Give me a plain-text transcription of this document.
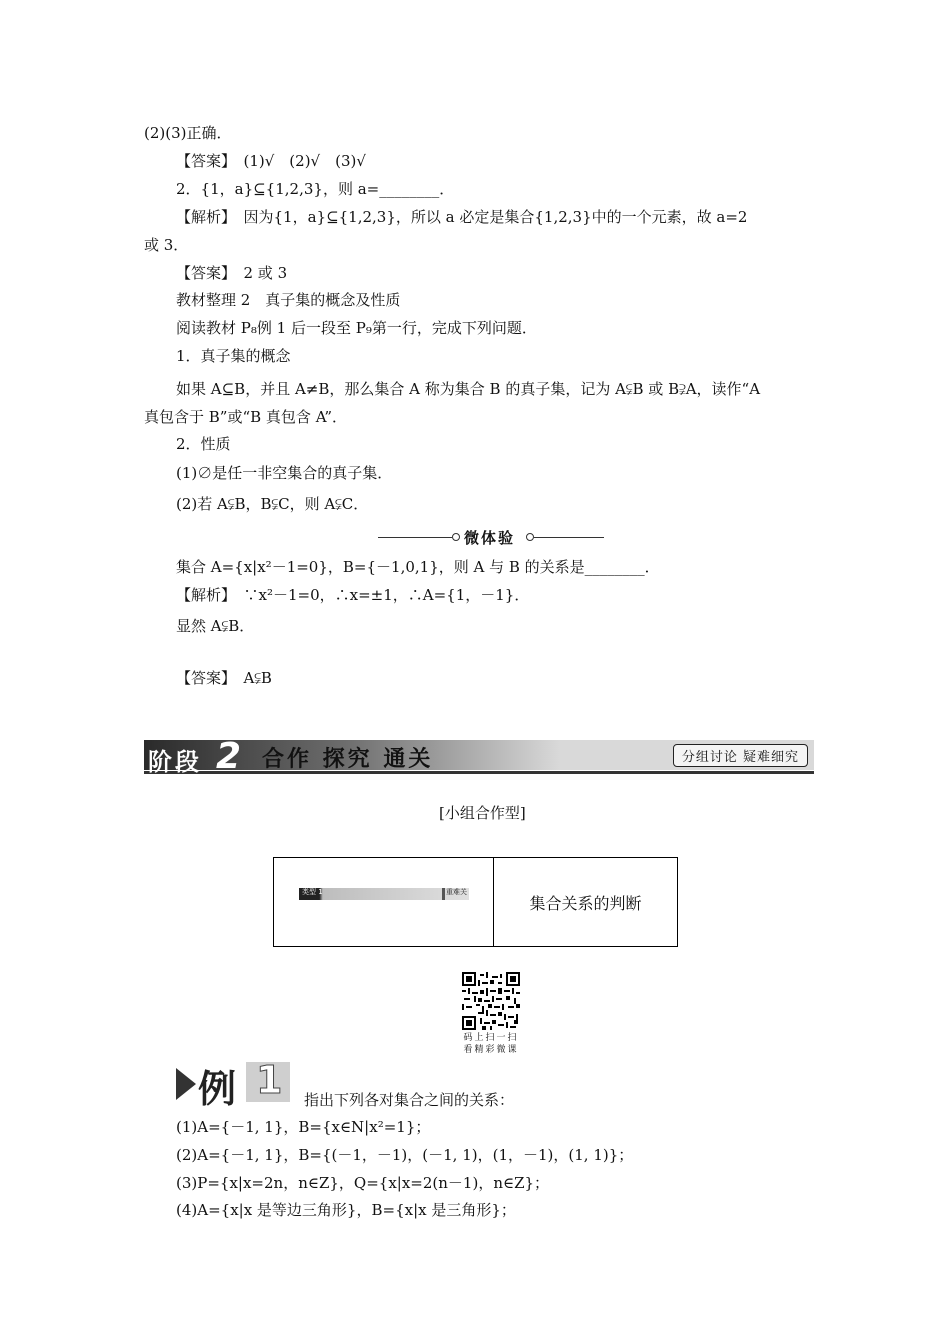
(2)(3)正确．
【答案】　(1)√　(2)√　(3)√
2．{1，a}⊆{1,2,3}，则 a=________．
【解析】　因为{1，a}⊆{1,2,3}，所以 a 必定是集合{1,2,3}中的一个元素，故 a=2
或 3．
【答案】　2 或 3
教材整理 2　真子集的概念及性质
阅读教材 P₈例 1 后一段至 P₉第一行，完成下列问题．
1．真子集的概念
如果 A⊆B，并且 A≠B，那么集合 A 称为集合 B 的真子集，记为 A⫋B 或 B⫌A，读作“A
真包含于 B”或“B 真包含 A”．
2．性质
(1)∅是任一非空集合的真子集．
(2)若 A⫋B，B⫋C，则 A⫋C．
集合 A={x|x²－1=0}，B={－1,0,1}，则 A 与 B 的关系是________．
【解析】　∵x²－1=0，∴x=±1，∴A={1，－1}．
显然 A⫋B．
【答案】　A⫋B
[小组合作型]
指出下列各对集合之间的关系：
(1)A={－1, 1}，B={x∈N|x²=1}；
(2)A={－1, 1}，B={(－1，－1)，(－1, 1)，(1，－1)，(1, 1)}；
(3)P={x|x=2n，n∈Z}，Q={x|x=2(n－1)，n∈Z}；
(4)A={x|x 是等边三角形}，B={x|x 是三角形}；
微体验
阶段 2 合作 探究 通关	分组讨论 疑难细究
类型 1	重难关
集合关系的判断
码上扫一扫
看精彩微课
例 1
